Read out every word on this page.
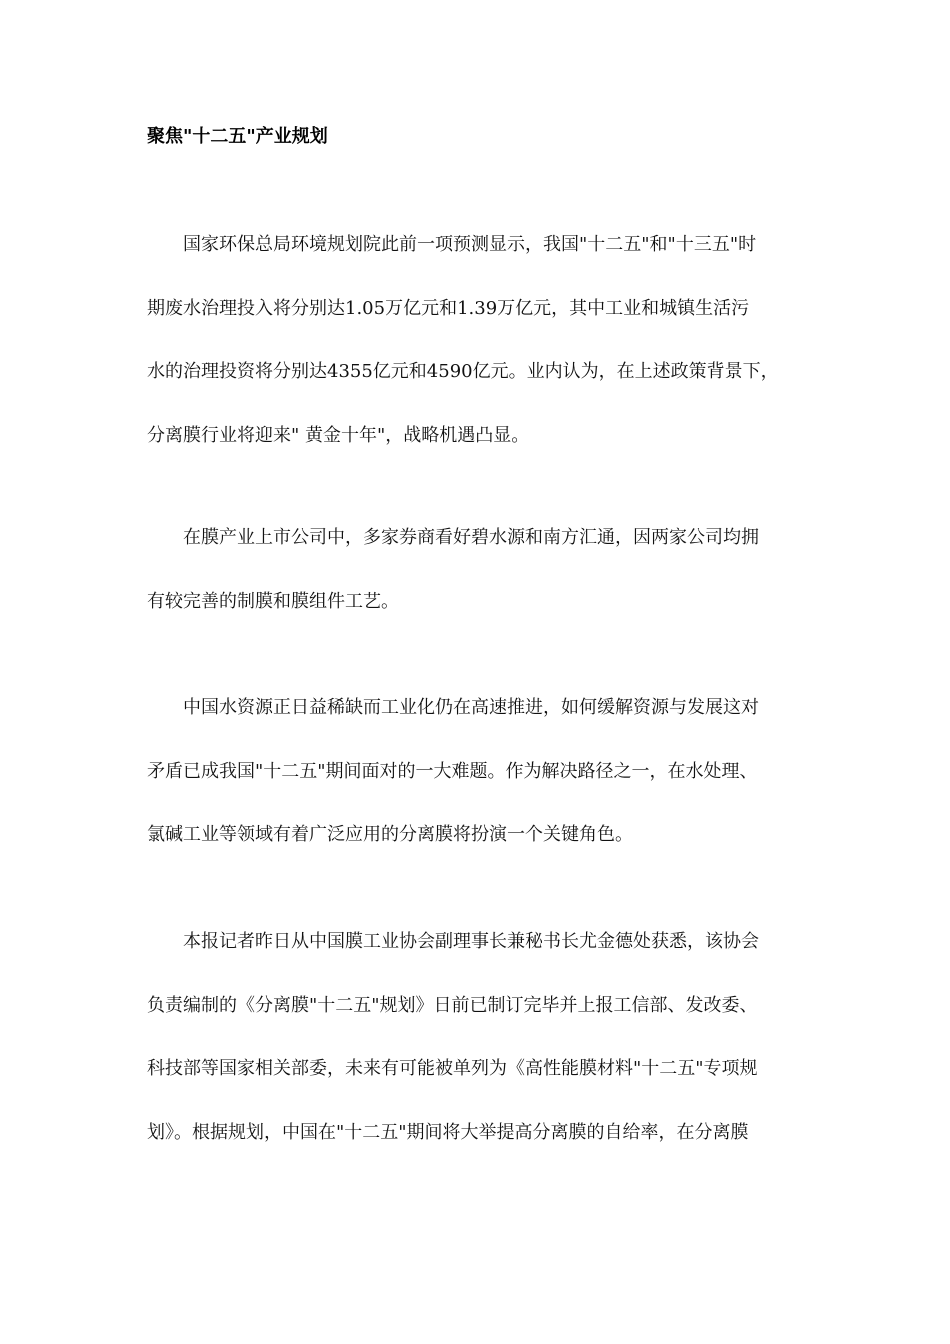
聚焦"十二五"产业规划

国家环保总局环境规划院此前一项预测显示，我国"十二五"和"十三五"时
期废水治理投入将分别达1.05万亿元和1.39万亿元，其中工业和城镇生活污
水的治理投资将分别达4355亿元和4590亿元。业内认为，在上述政策背景下，
分离膜行业将迎来" 黄金十年"，战略机遇凸显。

在膜产业上市公司中，多家券商看好碧水源和南方汇通，因两家公司均拥
有较完善的制膜和膜组件工艺。

中国水资源正日益稀缺而工业化仍在高速推进，如何缓解资源与发展这对
矛盾已成我国"十二五"期间面对的一大难题。作为解决路径之一，在水处理、
氯碱工业等领域有着广泛应用的分离膜将扮演一个关键角色。

本报记者昨日从中国膜工业协会副理事长兼秘书长尤金德处获悉，该协会
负责编制的《分离膜"十二五"规划》日前已制订完毕并上报工信部、发改委、
科技部等国家相关部委，未来有可能被单列为《高性能膜材料"十二五"专项规
划》。根据规划，中国在"十二五"期间将大举提高分离膜的自给率，在分离膜
